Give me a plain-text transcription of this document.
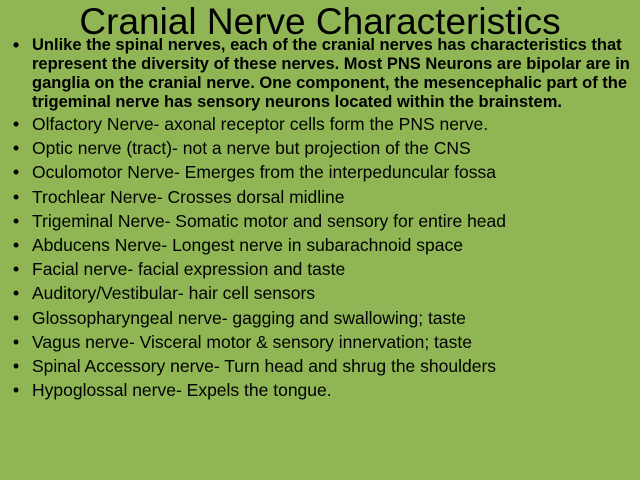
Cranial Nerve Characteristics
• Unlike the spinal nerves, each of the cranial nerves has characteristics that represent the diversity of these nerves. Most PNS Neurons are bipolar are in ganglia on the cranial nerve. One component, the mesencephalic part of the trigeminal nerve has sensory neurons located within the brainstem.
• Olfactory Nerve- axonal receptor cells form the PNS nerve.
• Optic nerve (tract)- not a nerve but projection of the CNS
• Oculomotor Nerve- Emerges from the interpeduncular fossa
• Trochlear Nerve- Crosses dorsal midline
• Trigeminal Nerve- Somatic motor and sensory for entire head
• Abducens Nerve- Longest nerve in subarachnoid space
• Facial nerve- facial expression and taste
• Auditory/Vestibular- hair cell sensors
• Glossopharyngeal nerve- gagging and swallowing; taste
• Vagus nerve- Visceral motor & sensory innervation; taste
• Spinal Accessory nerve- Turn head and shrug the shoulders
• Hypoglossal nerve- Expels the tongue.
